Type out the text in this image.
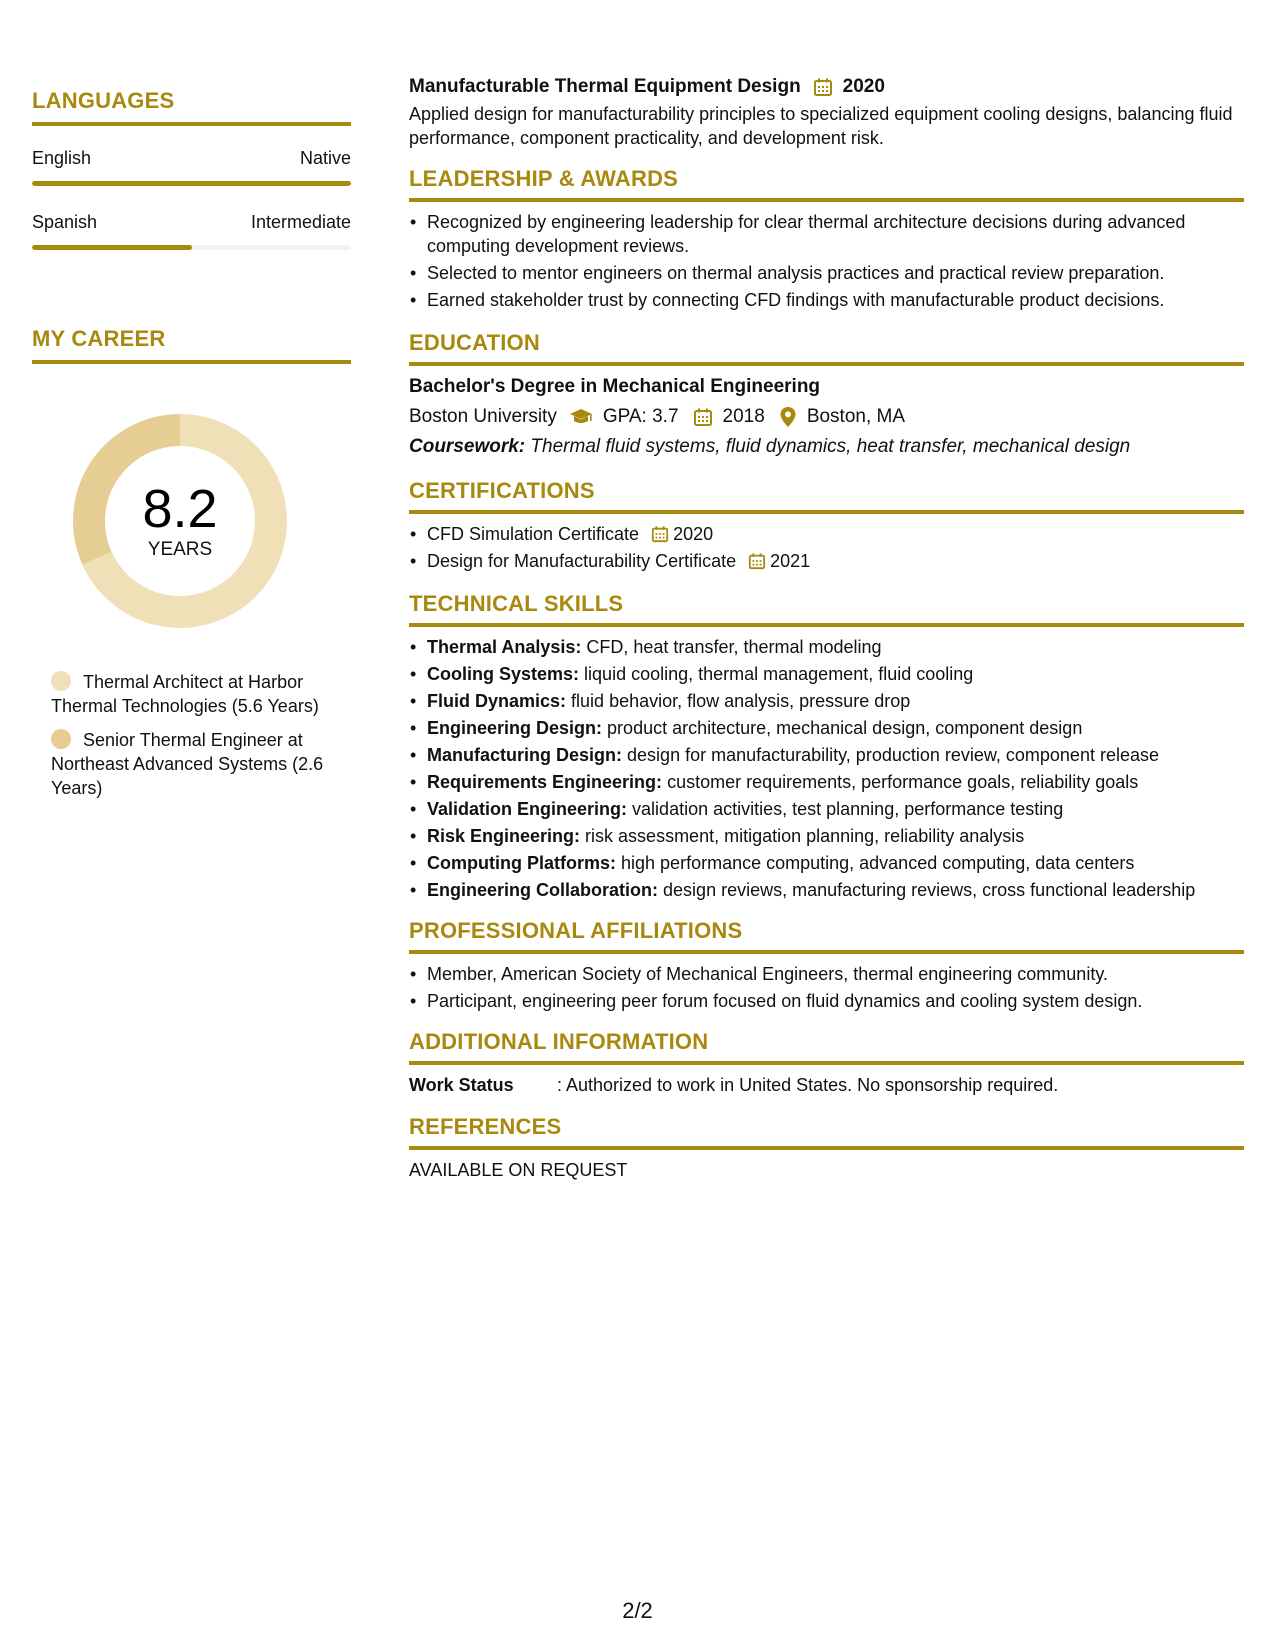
LANGUAGES
English	Native
Spanish	Intermediate
MY CAREER
8.2
YEARS
Thermal Architect at Harbor Thermal Technologies (5.6 Years)
Senior Thermal Engineer at Northeast Advanced Systems (2.6 Years)
Manufacturable Thermal Equipment Design 2020

Applied design for manufacturability principles to specialized equipment cooling designs, balancing fluid performance, component practicality, and development risk.

LEADERSHIP & AWARDS
• Recognized by engineering leadership for clear thermal architecture decisions during advanced computing development reviews.
• Selected to mentor engineers on thermal analysis practices and practical review preparation.
• Earned stakeholder trust by connecting CFD findings with manufacturable product decisions.
EDUCATION
Bachelor's Degree in Mechanical Engineering
Boston University GPA: 3.7 2018 Boston, MA
Coursework: Thermal fluid systems, fluid dynamics, heat transfer, mechanical design
CERTIFICATIONS
• CFD Simulation Certificate 2020
• Design for Manufacturability Certificate 2021
TECHNICAL SKILLS
• Thermal Analysis: CFD, heat transfer, thermal modeling
• Cooling Systems: liquid cooling, thermal management, fluid cooling
• Fluid Dynamics: fluid behavior, flow analysis, pressure drop
• Engineering Design: product architecture, mechanical design, component design
• Manufacturing Design: design for manufacturability, production review, component release
• Requirements Engineering: customer requirements, performance goals, reliability goals
• Validation Engineering: validation activities, test planning, performance testing
• Risk Engineering: risk assessment, mitigation planning, reliability analysis
• Computing Platforms: high performance computing, advanced computing, data centers
• Engineering Collaboration: design reviews, manufacturing reviews, cross functional leadership
PROFESSIONAL AFFILIATIONS
• Member, American Society of Mechanical Engineers, thermal engineering community.
• Participant, engineering peer forum focused on fluid dynamics and cooling system design.
ADDITIONAL INFORMATION
Work Status	: Authorized to work in United States. No sponsorship required.
REFERENCES
AVAILABLE ON REQUEST
2/2
